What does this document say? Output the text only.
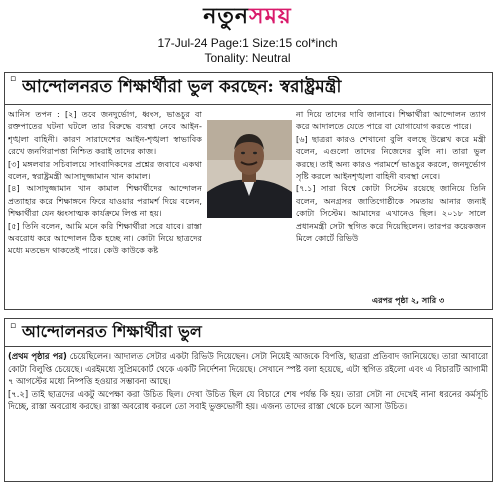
নতুনসময়
17-Jul-24 Page:1 Size:15 col*inch
Tonality: Neutral
▫ আন্দোলনরত শিক্ষার্থীরা ভুল করছেন: স্বরাষ্ট্রমন্ত্রী

আনিস তপন : [২] তবে জনদুর্ভোগ, ধ্বংস, ভাঙচুর বা রক্তপাতের ঘটনা ঘটলে তার বিরুদ্ধে ব্যবস্থা নেবে আইন-শৃঙ্খলা বাহিনী। কারণ সারাদেশের আইন-শৃঙ্খলা স্বাভাবিক রেখে জনগিরাপত্তা নিশ্চিত করাই তাদের কাজ।

[৩] মঙ্গলবার সচিবালয়ে সাংবাদিকদের প্রশ্নের জবাবে একথা বলেন, স্বরাষ্ট্রমন্ত্রী আসাদুজ্জামান খান কামাল।

[৪] আসাদুজ্জামান খান কামাল শিক্ষার্থীদের আন্দোলন প্রত্যাহার করে শিক্ষাঙ্গনে ফিরে যাওয়ার পরামর্শ দিয়ে বলেন, শিক্ষার্থীরা যেন ধ্বংসাত্মক কার্যক্রমে লিপ্ত না হয়।

[৫] তিনি বলেন, আমি মনে করি শিক্ষার্থীরা সরে যাবে। রাস্তা অবরোধ করে আন্দোলন ঠিক হচ্ছে না। কোটা নিয়ে ছাত্রদের মধ্যে মতভেদ থাকতেই পারে। কেউ কাউকে কষ্ট

না দিয়ে তাদের দাবি জানাবে। শিক্ষার্থীরা আন্দোলন ত্যাগ করে আদালতে যেতে পারে বা যোগাযোগ করতে পারে।

[৬] ছাত্ররা কারও শেখানো বুলি বলছে উল্লেখ করে মন্ত্রী বলেন, এগুলো তাদের নিজেদের বুলি না। তারা ভুল করছে। তাই অন্য কারও পরামর্শে ভাঙচুর করলে, জনদুর্ভোগ সৃষ্টি করলে আইনশৃঙ্খলা বাহিনী ব্যবস্থা নেবে।

[৭.১] সারা বিশ্বে কোটা সিস্টেম রয়েছে জানিয়ে তিনি বলেন, অনগ্রসর জাতিগোষ্ঠীকে সমতায় আনার জন্যই কোটা সিস্টেম। আমাদের এখানেও ছিল। ২০১৮ সালে প্রধানমন্ত্রী সেটা স্থগিত করে দিয়েছিলেন। তারপর কয়েকজন মিলে কোর্টে রিভিউ

এরপর পৃষ্ঠা ২, সারি ৩
▫ আন্দোলনরত শিক্ষার্থীরা ভুল

(প্রথম পৃষ্ঠার পর) চেয়েছিলেন। আদালত সেটার একটা রিভিউ দিয়েছেন। সেটা নিয়েই আজকে বিপত্তি, ছাত্ররা প্রতিবাদ জানিয়েছে। তারা আবারো কোটা বিলুপ্তি চেয়েছে। এরইমধ্যে সুপ্রিমকোর্ট থেকে একটি নির্দেশনা দিয়েছে। সেখানে স্পষ্ট বলা হয়েছে, এটা স্থগিত রইলো এবং এ বিচারটি আগামী ৭ আগস্টের মধ্যে নিষ্পত্তি হওয়ার সম্ভাবনা আছে।

[৭.২] তাই ছাত্রদের একটু অপেক্ষা করা উচিত ছিল। দেখা উচিত ছিল যে বিচারে শেষ পর্যন্ত কি হয়। তারা সেটা না দেখেই নানা ধরনের কর্মসূচি দিচ্ছে, রাস্তা অবরোধ করছে। রাস্তা অবরোধ করলে তো সবাই ভুক্তভোগী হয়। এজন্য তাদের রাস্তা থেকে চলে আসা উচিত।
